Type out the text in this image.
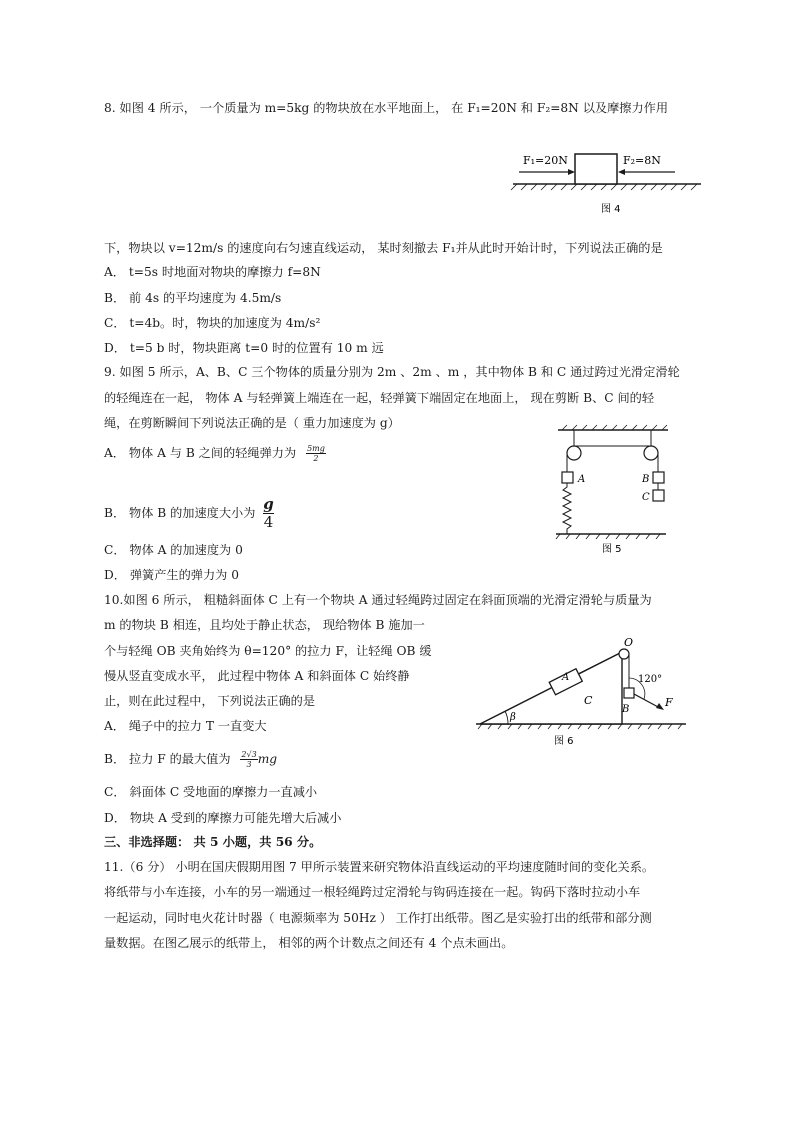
8. 如图 4 所示， 一个质量为 m=5kg 的物块放在水平地面上， 在 F₁=20N 和 F₂=8N 以及摩擦力作用
F₁=20N	F₂=8N
图 4
下，物块以 v=12m/s 的速度向右匀速直线运动， 某时刻撤去 F₁并从此时开始计时，下列说法正确的是
A． t=5s 时地面对物块的摩擦力 f=8N
B． 前 4s 的平均速度为 4.5m/s
C． t=4b。时，物块的加速度为 4m/s²
D． t=5 b 时，物块距离 t=0 时的位置有 10 m 远
9. 如图 5 所示，A、B、C 三个物体的质量分别为 2m 、2m 、m ，其中物体 B 和 C 通过跨过光滑定滑轮
的轻绳连在一起， 物体 A 与轻弹簧上端连在一起，轻弹簧下端固定在地面上， 现在剪断 B、C 间的轻
绳，在剪断瞬间下列说法正确的是（ 重力加速度为 g）
A． 物体 A 与 B 之间的轻绳弹力为 $\frac{5mg}{2}$
B． 物体 B 的加速度大小为 $\frac{g}{4}$
C． 物体 A 的加速度为 0
D． 弹簧产生的弹力为 0
A	B
C
图 5
10.如图 6 所示， 粗糙斜面体 C 上有一个物块 A 通过轻绳跨过固定在斜面顶端的光滑定滑轮与质量为
m 的物块 B 相连，且均处于静止状态， 现给物体 B 施加一
个与轻绳 OB 夹角始终为 θ=120° 的拉力 F，让轻绳 OB 缓
慢从竖直变成水平， 此过程中物体 A 和斜面体 C 始终静
止，则在此过程中， 下列说法正确的是
A． 绳子中的拉力 T 一直变大
B． 拉力 F 的最大值为 $\frac{2√3}{3}$ mg
C． 斜面体 C 受地面的摩擦力一直减小
D． 物块 A 受到的摩擦力可能先增大后减小
O
A
C
B
F
β
120°
图 6
三、非选择题： 共 5 小题，共 56 分。
11.（6 分） 小明在国庆假期用图 7 甲所示装置来研究物体沿直线运动的平均速度随时间的变化关系。
将纸带与小车连接，小车的另一端通过一根轻绳跨过定滑轮与钩码连接在一起。钩码下落时拉动小车
一起运动，同时电火花计时器（ 电源频率为 50Hz ） 工作打出纸带。图乙是实验打出的纸带和部分测
量数据。在图乙展示的纸带上， 相邻的两个计数点之间还有 4 个点未画出。
